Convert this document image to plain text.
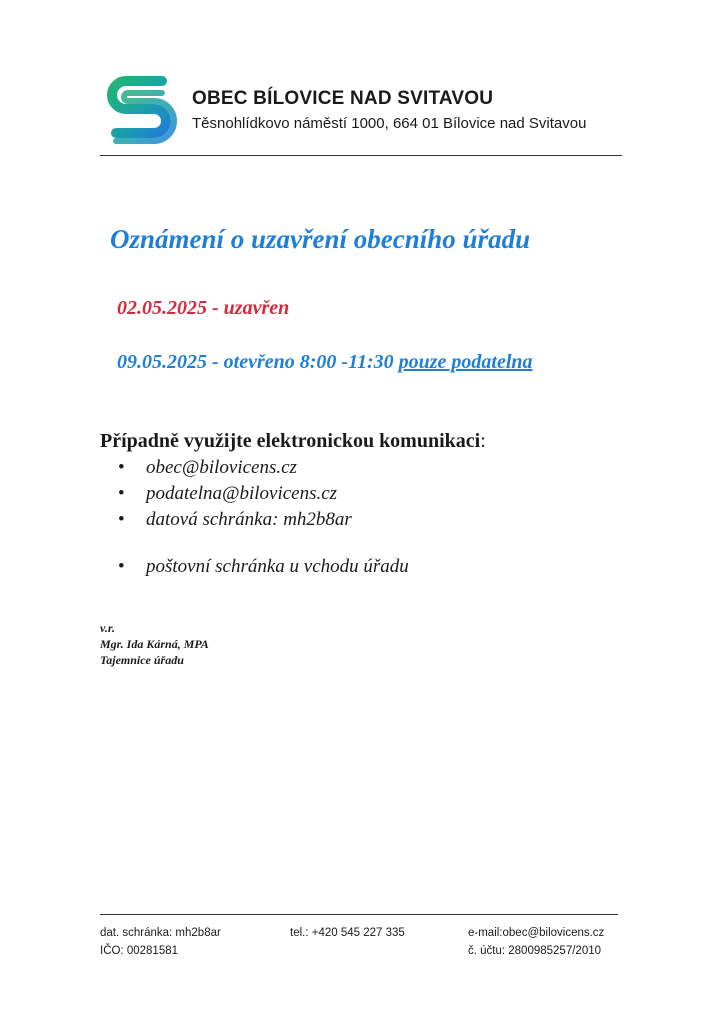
OBEC BÍLOVICE NAD SVITAVOU
Těsnohlídkovo náměstí 1000, 664 01 Bílovice nad Svitavou
Oznámení o uzavření obecního úřadu
02.05.2025 - uzavřen
09.05.2025 - otevřeno 8:00 -11:30 pouze podatelna
Případně využijte elektronickou komunikaci:
• obec@bilovicens.cz
• podatelna@bilovicens.cz
• datová schránka: mh2b8ar
• poštovní schránka u vchodu úřadu
v.r.
Mgr. Ida Kárná, MPA
Tajemnice úřadu
dat. schránka: mh2b8ar
IČO: 00281581
tel.: +420 545 227 335	e-mail:obec@bilovicens.cz
č. účtu: 2800985257/2010
